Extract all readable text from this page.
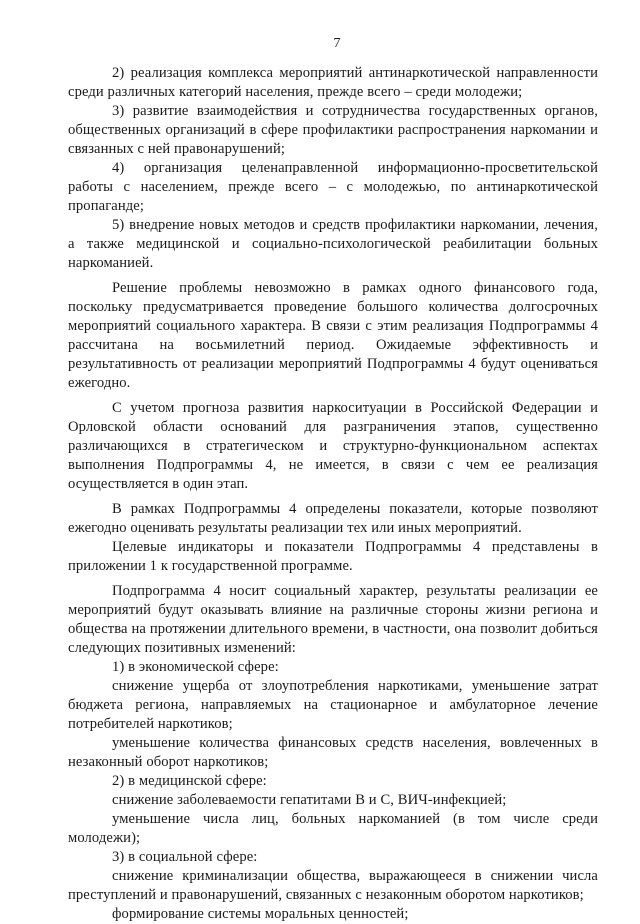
7

2) реализация комплекса мероприятий антинаркотической направленности среди различных категорий населения, прежде всего – среди молодежи;

3) развитие взаимодействия и сотрудничества государственных органов, общественных организаций в сфере профилактики распространения наркомании и связанных с ней правонарушений;

4) организация целенаправленной информационно-просветительской работы с населением, прежде всего – с молодежью, по антинаркотической пропаганде;

5) внедрение новых методов и средств профилактики наркомании, лечения, а также медицинской и социально-психологической реабилитации больных наркоманией.

Решение проблемы невозможно в рамках одного финансового года, поскольку предусматривается проведение большого количества долгосрочных мероприятий социального характера. В связи с этим реализация Подпрограммы 4 рассчитана на восьмилетний период. Ожидаемые эффективность и результативность от реализации мероприятий Подпрограммы 4 будут оцениваться ежегодно.

С учетом прогноза развития наркоситуации в Российской Федерации и Орловской области оснований для разграничения этапов, существенно различающихся в стратегическом и структурно-функциональном аспектах выполнения Подпрограммы 4, не имеется, в связи с чем ее реализация осуществляется в один этап.

В рамках Подпрограммы 4 определены показатели, которые позволяют ежегодно оценивать результаты реализации тех или иных мероприятий.

Целевые индикаторы и показатели Подпрограммы 4 представлены в приложении 1 к государственной программе.

Подпрограмма 4 носит социальный характер, результаты реализации ее мероприятий будут оказывать влияние на различные стороны жизни региона и общества на протяжении длительного времени, в частности, она позволит добиться следующих позитивных изменений:

1) в экономической сфере:

снижение ущерба от злоупотребления наркотиками, уменьшение затрат бюджета региона, направляемых на стационарное и амбулаторное лечение потребителей наркотиков;

уменьшение количества финансовых средств населения, вовлеченных в незаконный оборот наркотиков;

2) в медицинской сфере:

снижение заболеваемости гепатитами В и С, ВИЧ-инфекцией;

уменьшение числа лиц, больных наркоманией (в том числе среди молодежи);

3) в социальной сфере:

снижение криминализации общества, выражающееся в снижении числа преступлений и правонарушений, связанных с незаконным оборотом наркотиков;

формирование системы моральных ценностей;
